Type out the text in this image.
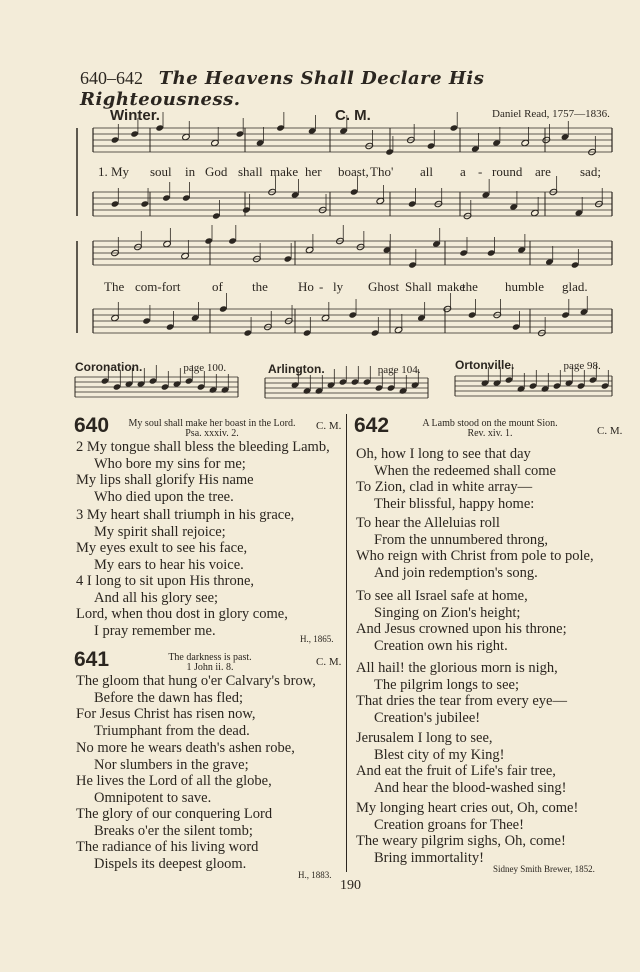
640–642 The Heavens Shall Declare His Righteousness.
Winter.	C. M.	Daniel Read, 1757—1836.
1. My soul in God shall make her boast, Tho' all a - round are sad;
The com-fort of the Ho - ly Ghost Shall make
the humble glad.
Coronation.	page 100.	Arlington.	page 104.	Ortonville.	page 98.
640	My soul shall make her boast in the Lord.
Psa. xxxiv. 2.
C. M.
2 My tongue shall bless the bleeding Lamb,
Who bore my sins for me;
My lips shall glorify His name
Who died upon the tree.
3 My heart shall triumph in his grace,
My spirit shall rejoice;
My eyes exult to see his face,
My ears to hear his voice.
4 I long to sit upon His throne,
And all his glory see;
Lord, when thou dost in glory come,
I pray remember me.
H., 1865.
641	The darkness is past.
1 John ii. 8.	C. M.
The gloom that hung o'er Calvary's brow,
Before the dawn has fled;
For Jesus Christ has risen now,
Triumphant from the dead.
No more he wears death's ashen robe,
Nor slumbers in the grave;
He lives the Lord of all the globe,
Omnipotent to save.
The glory of our conquering Lord
Breaks o'er the silent tomb;
The radiance of his living word
Dispels its deepest gloom.
H., 1883.
642	A Lamb stood on the mount Sion.
Rev. xiv. 1.	C. M.
Oh, how I long to see that day
When the redeemed shall come
To Zion, clad in white array—
Their blissful, happy home:
To hear the Alleluias roll
From the unnumbered throng,
Who reign with Christ from pole to pole,
And join redemption's song.
To see all Israel safe at home,
Singing on Zion's height;
And Jesus crowned upon his throne;
Creation own his right.
All hail! the glorious morn is nigh,
The pilgrim longs to see;
That dries the tear from every eye—
Creation's jubilee!
Jerusalem I long to see,
Blest city of my King!
And eat the fruit of Life's fair tree,
And hear the blood-washed sing!
My longing heart cries out, Oh, come!
Creation groans for Thee!
The weary pilgrim sighs, Oh, come!
Bring immortality!
Sidney Smith Brewer, 1852.
190
